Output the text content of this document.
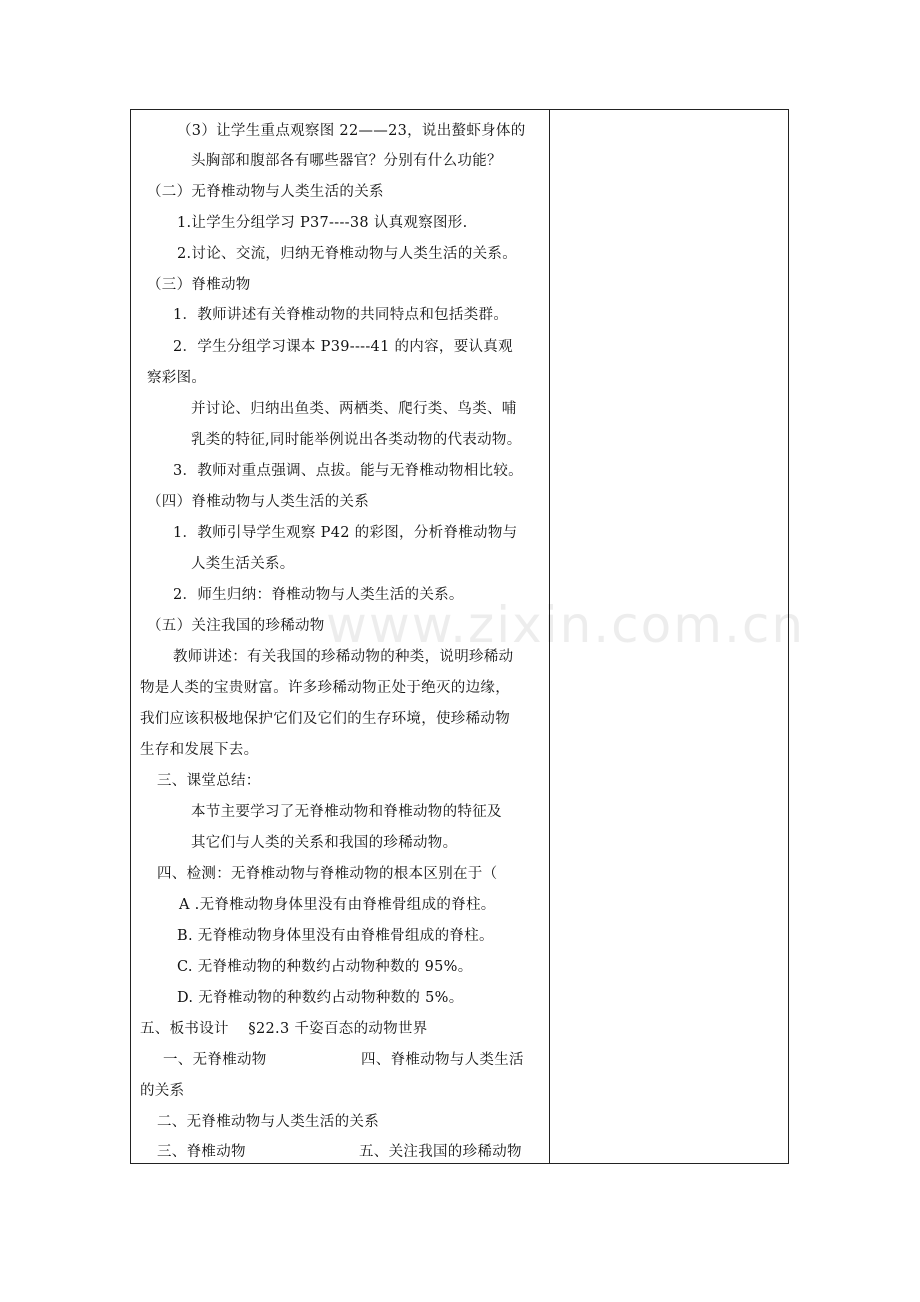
（3）让学生重点观察图 22——23，说出螯虾身体的
头胸部和腹部各有哪些器官？分别有什么功能？
（二）无脊椎动物与人类生活的关系
1.让学生分组学习 P37----38 认真观察图形.
2.讨论、交流，归纳无脊椎动物与人类生活的关系。
（三）脊椎动物
1．教师讲述有关脊椎动物的共同特点和包括类群。
2．学生分组学习课本 P39----41 的内容，要认真观
察彩图。
并讨论、归纳出鱼类、两栖类、爬行类、鸟类、哺
乳类的特征,同时能举例说出各类动物的代表动物。
3．教师对重点强调、点拔。能与无脊椎动物相比较。
（四）脊椎动物与人类生活的关系
1．教师引导学生观察 P42 的彩图，分析脊椎动物与
人类生活关系。
2．师生归纳：脊椎动物与人类生活的关系。
（五）关注我国的珍稀动物
教师讲述：有关我国的珍稀动物的种类，说明珍稀动
物是人类的宝贵财富。许多珍稀动物正处于绝灭的边缘，
我们应该积极地保护它们及它们的生存环境，使珍稀动物
生存和发展下去。
三、课堂总结：
本节主要学习了无脊椎动物和脊椎动物的特征及
其它们与人类的关系和我国的珍稀动物。
四、检测：无脊椎动物与脊椎动物的根本区别在于（
A .无脊椎动物身体里没有由脊椎骨组成的脊柱。
B. 无脊椎动物身体里没有由脊椎骨组成的脊柱。
C. 无脊椎动物的种数约占动物种数的 95%。
D. 无脊椎动物的种数约占动物种数的 5%。
五、板书设计    §22.3 千姿百态的动物世界
一、无脊椎动物	四、脊椎动物与人类生活
的关系
二、无脊椎动物与人类生活的关系
三、脊椎动物	五、关注我国的珍稀动物
www.zixin.com.cn
